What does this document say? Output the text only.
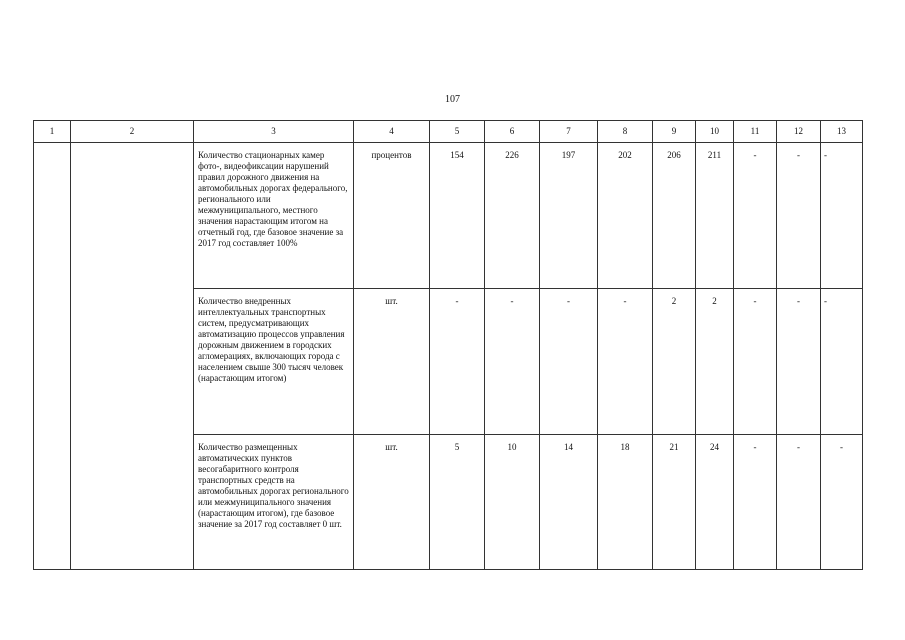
107
1	2	3	4	5	6	7	8	9	10	11	12	13
		Количество стационарных камер фото-, видеофиксации нарушений правил дорожного движения на автомобильных дорогах федерального, регионального или межмуниципального, местного значения нарастающим итогом на отчетный год, где базовое значение за 2017 год составляет 100%	процентов	154	226	197	202	206	211	-	-	-
		Количество внедренных интеллектуальных транспортных систем, предусматривающих автоматизацию процессов управления дорожным движением в городских агломерациях, включающих города с населением свыше 300 тысяч человек (нарастающим итогом)	шт.	-	-	-	-	2	2	-	-	-
		Количество размещенных автоматических пунктов весогабаритного контроля транспортных средств на автомобильных дорогах регионального или межмуниципального значения (нарастающим итогом), где базовое значение за 2017 год составляет 0 шт.	шт.	5	10	14	18	21	24	-	-	-
